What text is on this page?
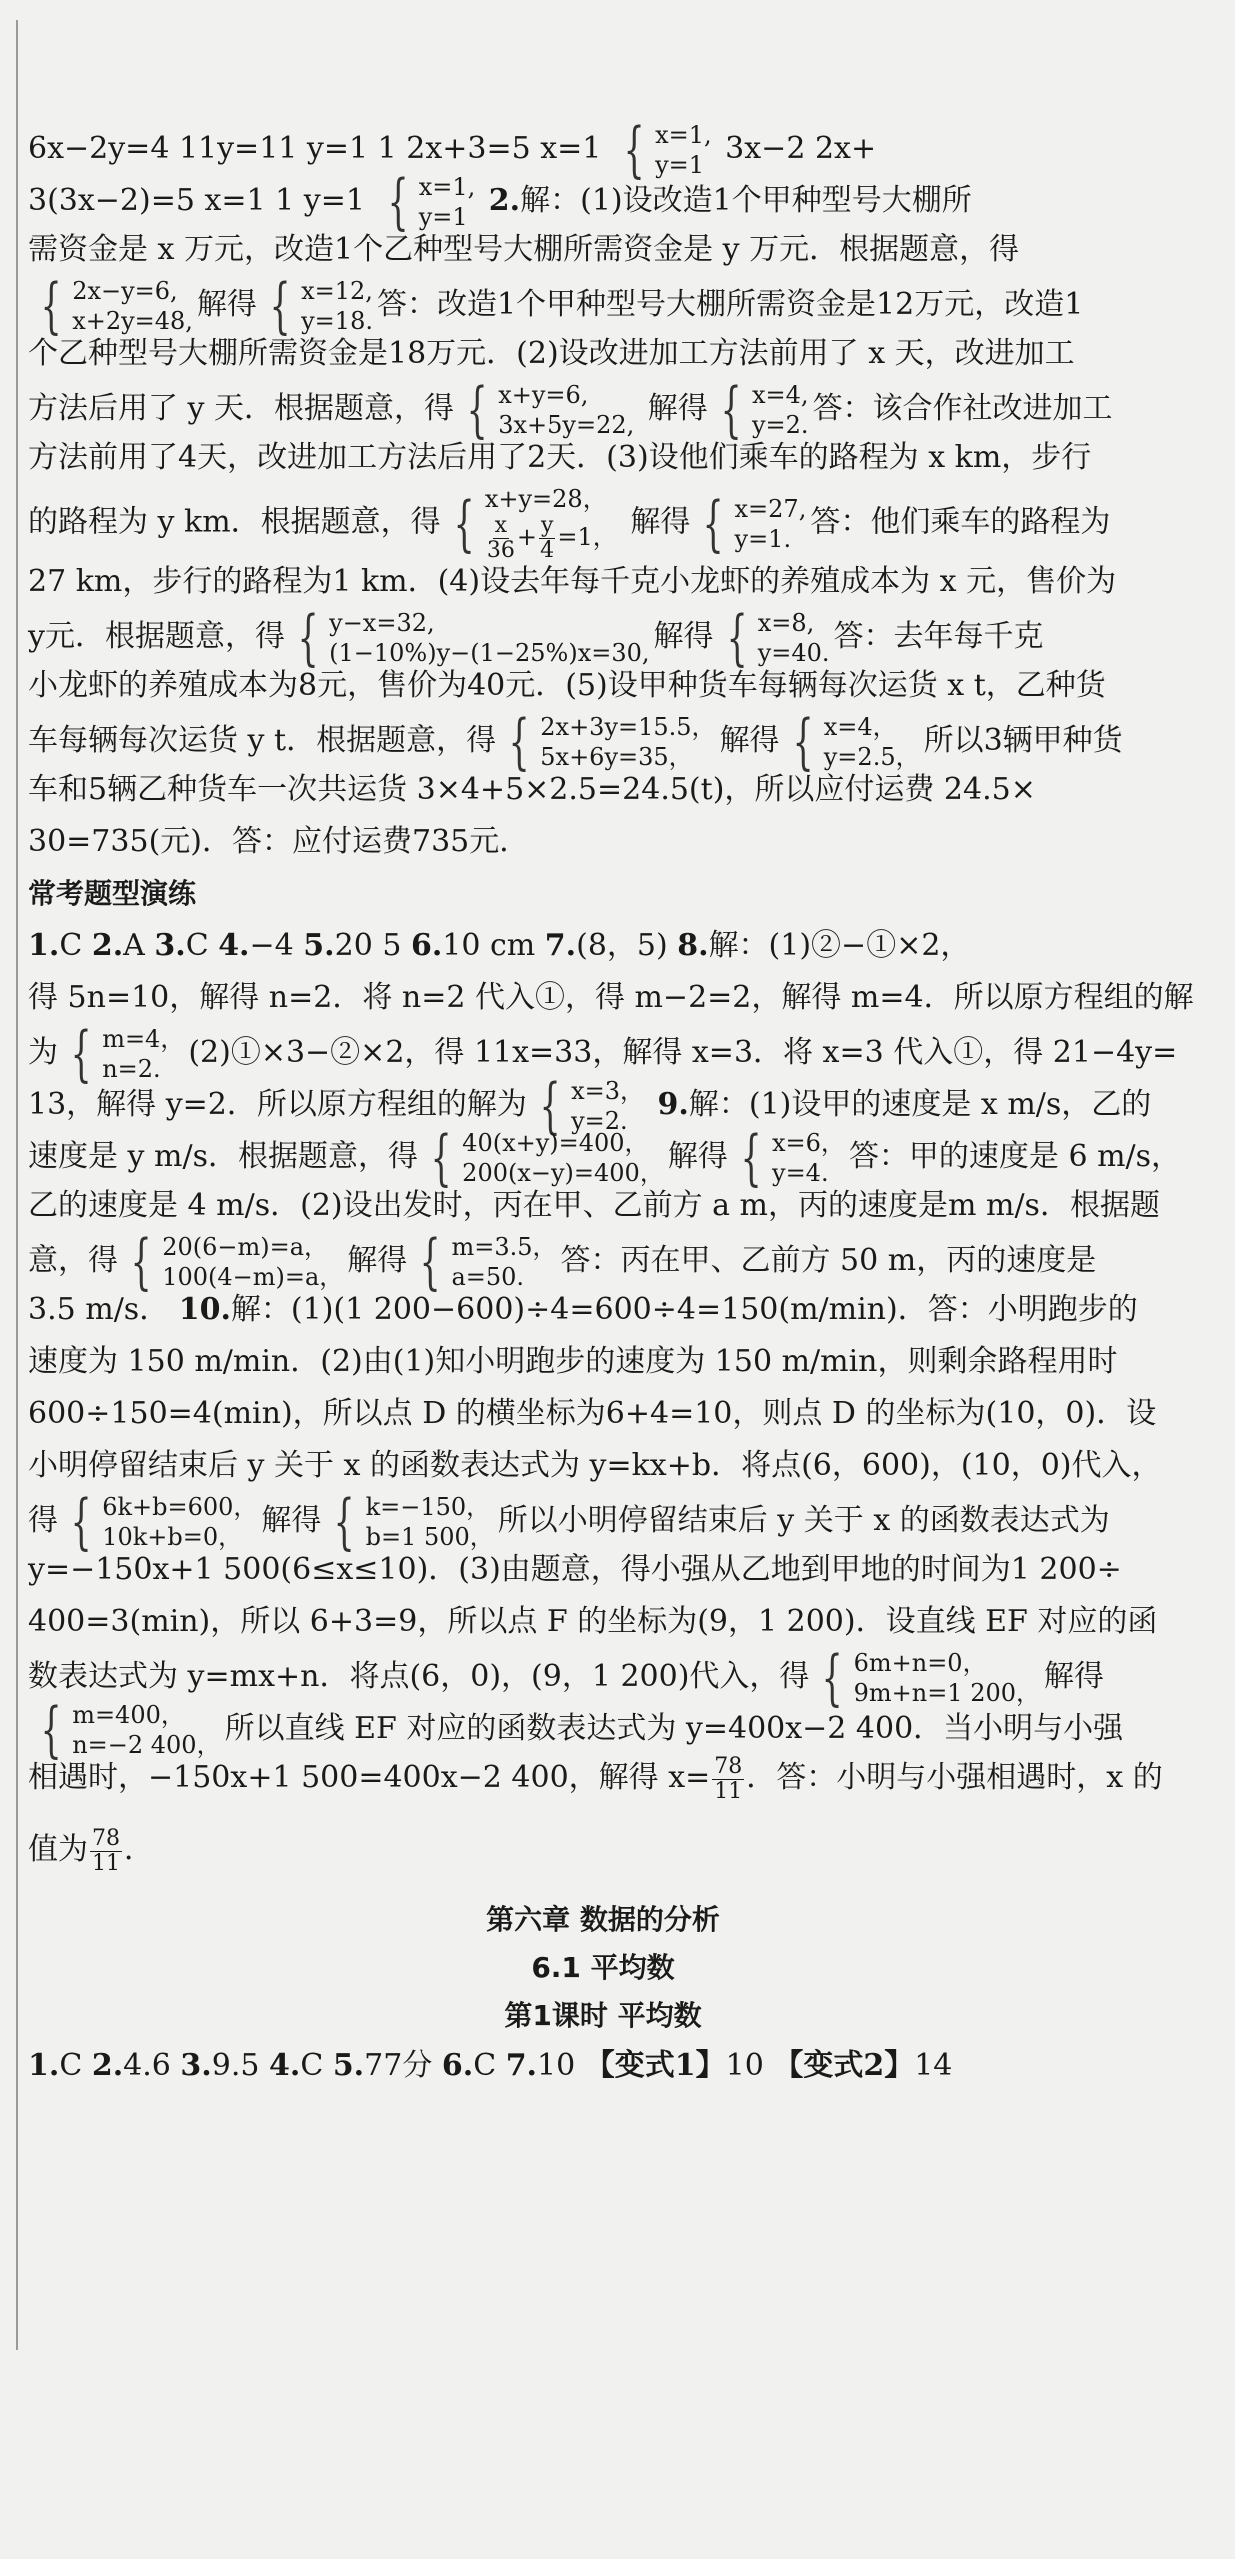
6x−2y=4 11y=11 y=1 1 2x+3=5 x=1 { x=1,
y=1 3x−2 2x+
3(3x−2)=5 x=1 1 y=1 { x=1,
y=1 2.解：(1)设改造1个甲种型号大棚所
需资金是 x 万元，改造1个乙种型号大棚所需资金是 y 万元．根据题意，得
{ 2x−y=6,
x+2y=48, 解得 { x=12,
y=18. 答：改造1个甲种型号大棚所需资金是12万元，改造1
个乙种型号大棚所需资金是18万元．(2)设改进加工方法前用了 x 天，改进加工
方法后用了 y 天．根据题意，得 { x+y=6,
3x+5y=22, 解得 { x=4,
y=2. 答：该合作社改进加工
方法前用了4天，改进加工方法后用了2天．(3)设他们乘车的路程为 x km，步行
的路程为 y km．根据题意，得 { x+y=28，
$\frac{x}{36} + \frac{y}{4} =1$， 解得 { x=27,
y=1. 答：他们乘车的路程为
27 km，步行的路程为1 km．(4)设去年每千克小龙虾的养殖成本为 x 元，售价为
y元．根据题意，得 { y−x=32,
(1−10%)y−(1−25%)x=30, 解得 { x=8,
y=40. 答：去年每千克
小龙虾的养殖成本为8元，售价为40元．(5)设甲种货车每辆每次运货 x t，乙种货
车每辆每次运货 y t．根据题意，得 { 2x+3y=15.5，
5x+6y=35， 解得 { x=4，
y=2.5， 所以3辆甲种货
车和5辆乙种货车一次共运货 3×4+5×2.5=24.5(t)，所以应付运费 24.5×
30=735(元)．答：应付运费735元．
常考题型演练
1.C 2.A 3.C 4.−4 5.20 5 6.10 cm 7.(8，5) 8.解：(1)②−①×2，
得 5n=10，解得 n=2．将 n=2 代入①，得 m−2=2，解得 m=4．所以原方程组的解
为 { m=4，
n=2. (2)①×3−②×2，得 11x=33，解得 x=3．将 x=3 代入①，得 21−4y=
13，解得 y=2．所以原方程组的解为 { x=3，
y=2. 9.解：(1)设甲的速度是 x m/s，乙的
速度是 y m/s．根据题意，得 { 40(x+y)=400，
200(x−y)=400， 解得 { x=6，
y=4. 答：甲的速度是 6 m/s，
乙的速度是 4 m/s．(2)设出发时，丙在甲、乙前方 a m，丙的速度是m m/s．根据题
意，得 { 20(6−m)=a，
100(4−m)=a， 解得 { m=3.5，
a=50.	答：丙在甲、乙前方 50 m，丙的速度是
3.5 m/s． 10.解：(1)(1 200−600)÷4=600÷4=150(m/min)．答：小明跑步的
速度为 150 m/min．(2)由(1)知小明跑步的速度为 150 m/min，则剩余路程用时
600÷150=4(min)，所以点 D 的横坐标为6+4=10，则点 D 的坐标为(10，0)．设
小明停留结束后 y 关于 x 的函数表达式为 y=kx+b．将点(6，600)，(10，0)代入，
得 { 6k+b=600，
10k+b=0， 解得 { k=−150，
b=1 500， 所以小明停留结束后 y 关于 x 的函数表达式为
y=−150x+1 500(6≤x≤10)．(3)由题意，得小强从乙地到甲地的时间为1 200÷
400=3(min)，所以 6+3=9，所以点 F 的坐标为(9，1 200)．设直线 EF 对应的函
数表达式为 y=mx+n．将点(6，0)，(9，1 200)代入，得 { 6m+n=0，
9m+n=1 200， 解得
{ m=400，
n=−2 400， 所以直线 EF 对应的函数表达式为 y=400x−2 400．当小明与小强
相遇时，−150x+1 500=400x−2 400，解得 $x= \frac{78}{11}$ ．答：小明与小强相遇时，x 的
值为 $\frac{78}{11}$ ．
第六章 数据的分析
6.1 平均数
第1课时 平均数
1.C 2.4.6 3.9.5 4.C 5.77分 6.C 7.10 【变式1】10 【变式2】14
